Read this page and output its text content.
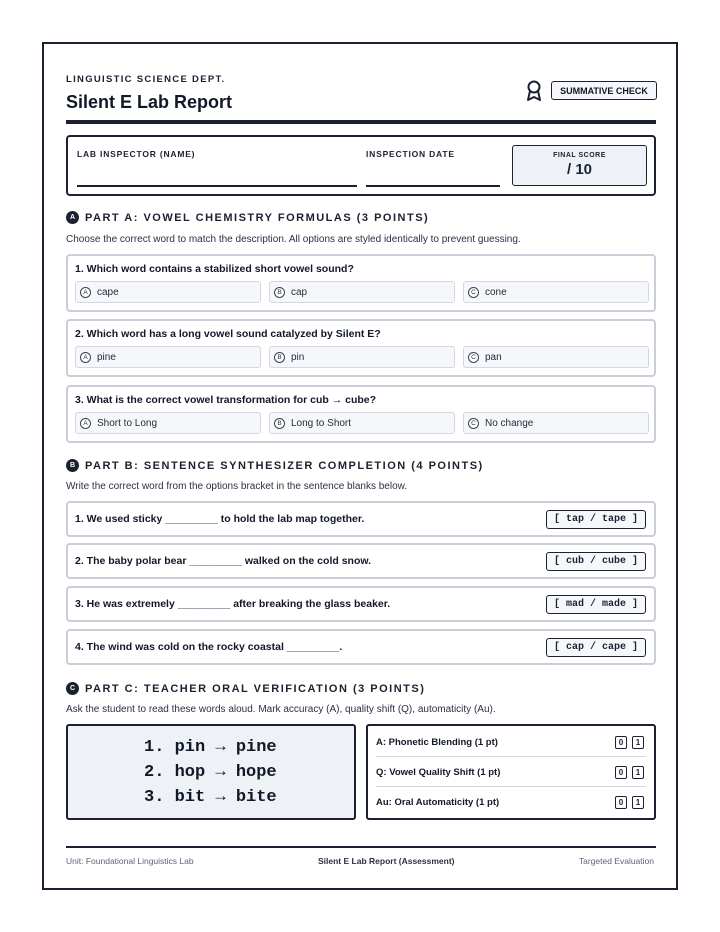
LINGUISTIC SCIENCE DEPT.
Silent E Lab Report
SUMMATIVE CHECK
LAB INSPECTOR (NAME)	INSPECTION DATE	FINAL SCORE
/ 10
A PART A: VOWEL CHEMISTRY FORMULAS (3 POINTS)
Choose the correct word to match the description. All options are styled identically to prevent guessing.
1. Which word contains a stabilized short vowel sound?
A cape	B cap	C cone
2. Which word has a long vowel sound catalyzed by Silent E?
A pine	B pin	C pan
3. What is the correct vowel transformation for cub → cube?
A Short to Long	B Long to Short	C No change
B PART B: SENTENCE SYNTHESIZER COMPLETION (4 POINTS)
Write the correct word from the options bracket in the sentence blanks below.
1. We used sticky _________ to hold the lab map together.	[ tap / tape ]
2. The baby polar bear _________ walked on the cold snow.	[ cub / cube ]
3. He was extremely _________ after breaking the glass beaker.	[ mad / made ]
4. The wind was cold on the rocky coastal _________.	[ cap / cape ]
C PART C: TEACHER ORAL VERIFICATION (3 POINTS)
Ask the student to read these words aloud. Mark accuracy (A), quality shift (Q), automaticity (Au).
1. pin → pine
2. hop → hope
3. bit → bite
A: Phonetic Blending (1 pt)	0	1
Q: Vowel Quality Shift (1 pt)	0	1
Au: Oral Automaticity (1 pt)	0	1
Unit: Foundational Linguistics Lab	Silent E Lab Report (Assessment)	Targeted Evaluation
